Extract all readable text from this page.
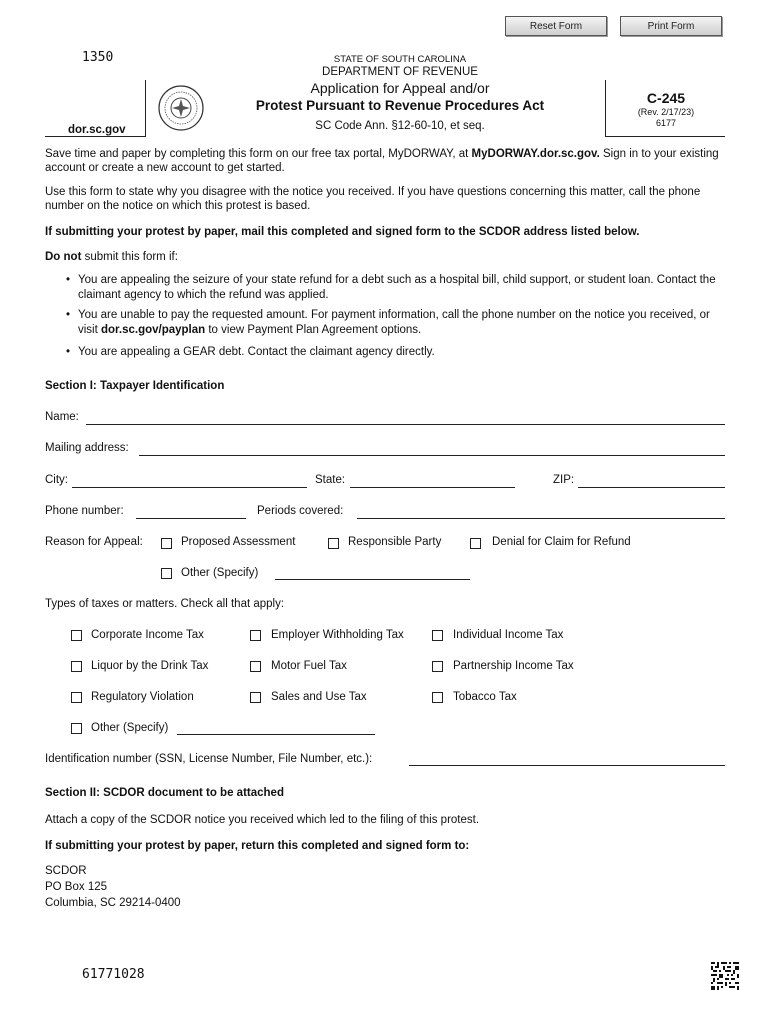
Reset Form	Print Form
1350	STATE OF SOUTH CAROLINA
DEPARTMENT OF REVENUE
Application for Appeal and/or
Protest Pursuant to Revenue Procedures Act
SC Code Ann. §12-60-10, et seq.
dor.sc.gov
C-245
(Rev. 2/17/23)
6177
Save time and paper by completing this form on our free tax portal, MyDORWAY, at MyDORWAY.dor.sc.gov. Sign in to your existing account or create a new account to get started.
Use this form to state why you disagree with the notice you received. If you have questions concerning this matter, call the phone number on the notice on which this protest is based.
If submitting your protest by paper, mail this completed and signed form to the SCDOR address listed below.
Do not submit this form if:
• You are appealing the seizure of your state refund for a debt such as a hospital bill, child support, or student loan. Contact the claimant agency to which the refund was applied.
• You are unable to pay the requested amount. For payment information, call the phone number on the notice you received, or visit dor.sc.gov/payplan to view Payment Plan Agreement options.
• You are appealing a GEAR debt. Contact the claimant agency directly.
Section I: Taxpayer Identification
Name:
Mailing address:
City:	State:	ZIP:
Phone number:	Periods covered:
Reason for Appeal:	Proposed Assessment	Responsible Party	Denial for Claim for Refund
Other (Specify)
Types of taxes or matters. Check all that apply:
Corporate Income Tax	Employer Withholding Tax	Individual Income Tax
Liquor by the Drink Tax	Motor Fuel Tax	Partnership Income Tax
Regulatory Violation	Sales and Use Tax	Tobacco Tax
Other (Specify)
Identification number (SSN, License Number, File Number, etc.):
Section II: SCDOR document to be attached
Attach a copy of the SCDOR notice you received which led to the filing of this protest.
If submitting your protest by paper, return this completed and signed form to:
SCDOR
PO Box 125
Columbia, SC 29214-0400
61771028
